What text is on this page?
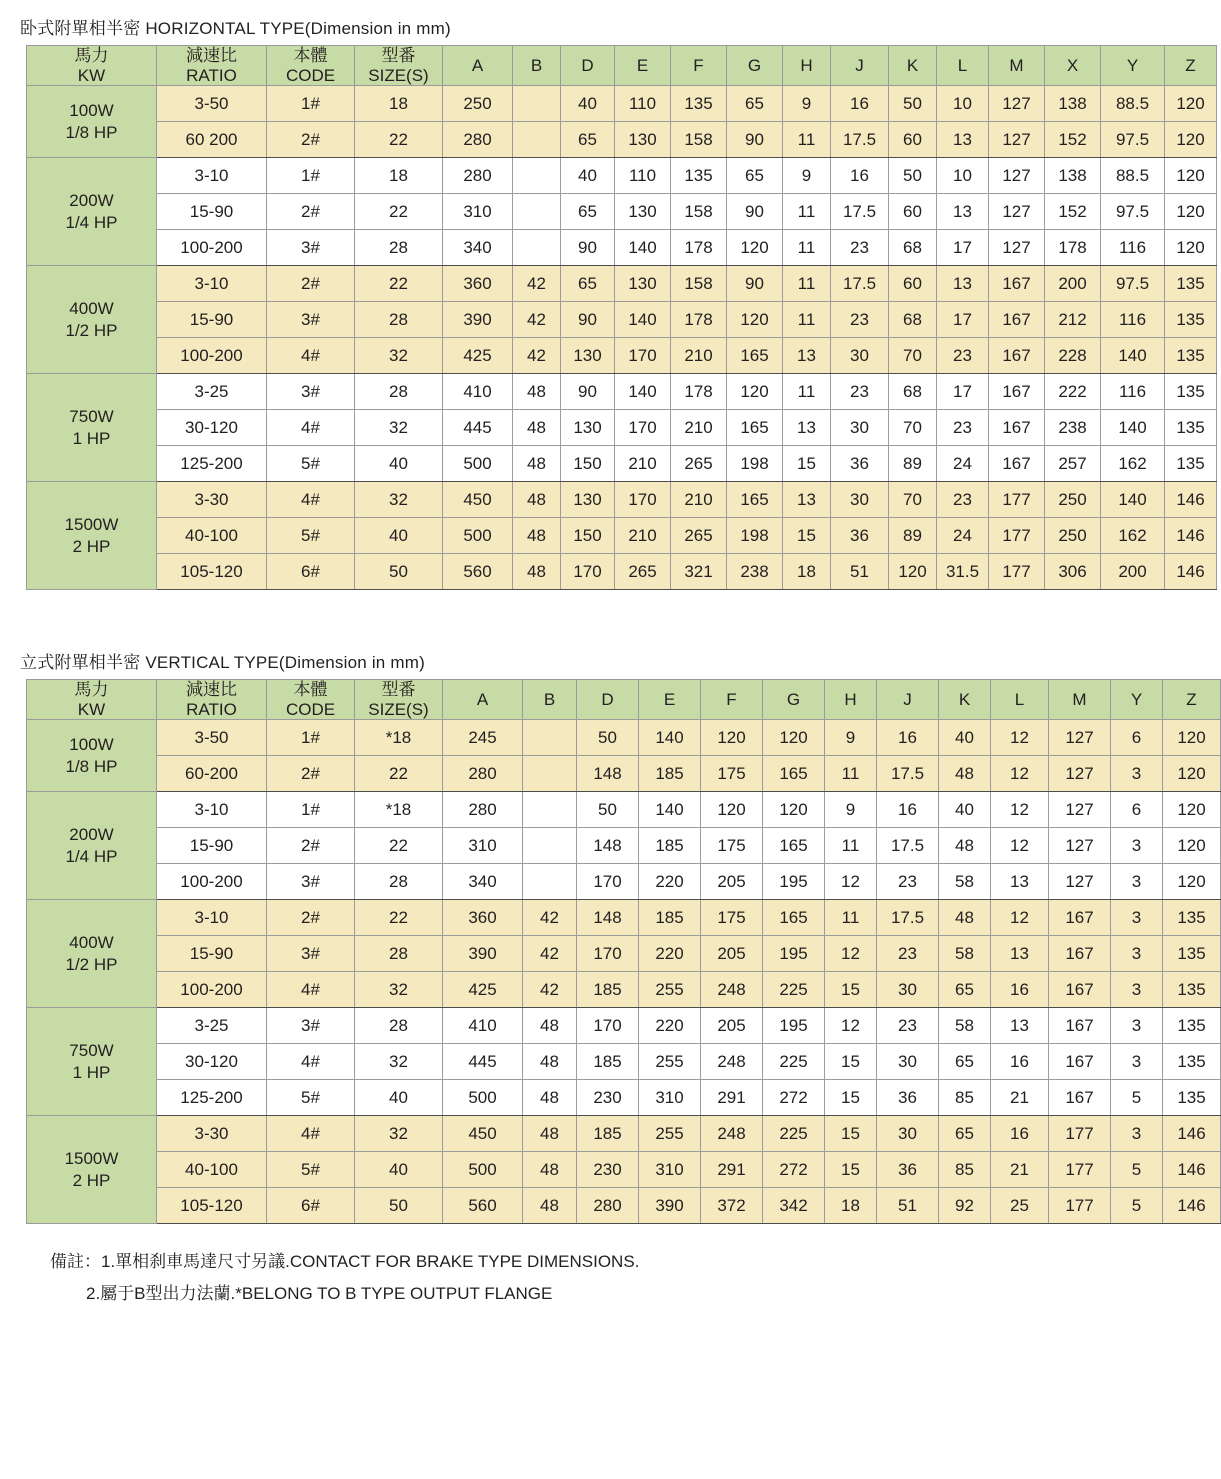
卧式附單相半密 HORIZONTAL TYPE(Dimension in mm)
馬力
KW	減速比
RATIO	本體
CODE	型番
SIZE(S)	A	B	D	E	F	G	H	J	K	L	M	X	Y	Z

100W
1/8 HP	3-50	1#	18	250		40	110	135	65	9	16	50	10	127	138	88.5	120
	60 200	2#	22	280		65	130	158	90	11	17.5	60	13	127	152	97.5	120

200W
1/4 HP	3-10	1#	18	280		40	110	135	65	9	16	50	10	127	138	88.5	120
	15-90	2#	22	310		65	130	158	90	11	17.5	60	13	127	152	97.5	120
	100-200	3#	28	340		90	140	178	120	11	23	68	17	127	178	116	120

400W
1/2 HP	3-10	2#	22	360	42	65	130	158	90	11	17.5	60	13	167	200	97.5	135
	15-90	3#	28	390	42	90	140	178	120	11	23	68	17	167	212	116	135
	100-200	4#	32	425	42	130	170	210	165	13	30	70	23	167	228	140	135

750W
1 HP	3-25	3#	28	410	48	90	140	178	120	11	23	68	17	167	222	116	135
	30-120	4#	32	445	48	130	170	210	165	13	30	70	23	167	238	140	135
	125-200	5#	40	500	48	150	210	265	198	15	36	89	24	167	257	162	135

1500W
2 HP	3-30	4#	32	450	48	130	170	210	165	13	30	70	23	177	250	140	146
	40-100	5#	40	500	48	150	210	265	198	15	36	89	24	177	250	162	146
	105-120	6#	50	560	48	170	265	321	238	18	51	120	31.5	177	306	200	146
立式附單相半密 VERTICAL TYPE(Dimension in mm)
馬力
KW	減速比
RATIO	本體
CODE	型番
SIZE(S)	A	B	D	E	F	G	H	J	K	L	M	Y	Z

100W
1/8 HP	3-50	1#	*18	245		50	140	120	120	9	16	40	12	127	6	120
	60-200	2#	22	280		148	185	175	165	11	17.5	48	12	127	3	120

200W
1/4 HP	3-10	1#	*18	280		50	140	120	120	9	16	40	12	127	6	120
	15-90	2#	22	310		148	185	175	165	11	17.5	48	12	127	3	120
	100-200	3#	28	340		170	220	205	195	12	23	58	13	127	3	120

400W
1/2 HP	3-10	2#	22	360	42	148	185	175	165	11	17.5	48	12	167	3	135
	15-90	3#	28	390	42	170	220	205	195	12	23	58	13	167	3	135
	100-200	4#	32	425	42	185	255	248	225	15	30	65	16	167	3	135

750W
1 HP	3-25	3#	28	410	48	170	220	205	195	12	23	58	13	167	3	135
	30-120	4#	32	445	48	185	255	248	225	15	30	65	16	167	3	135
	125-200	5#	40	500	48	230	310	291	272	15	36	85	21	167	5	135

1500W
2 HP	3-30	4#	32	450	48	185	255	248	225	15	30	65	16	177	3	146
	40-100	5#	40	500	48	230	310	291	272	15	36	85	21	177	5	146
	105-120	6#	50	560	48	280	390	372	342	18	51	92	25	177	5	146
備註：1.單相刹車馬達尺寸另議.CONTACT FOR BRAKE TYPE DIMENSIONS.
2.屬于B型出力法蘭.*BELONG TO B TYPE OUTPUT FLANGE
